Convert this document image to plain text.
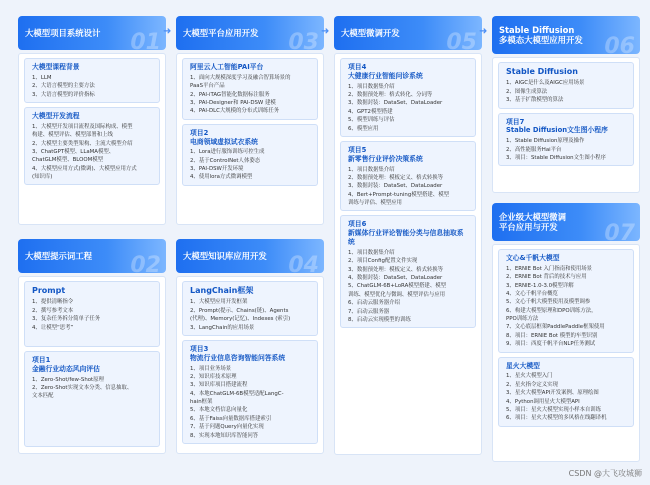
大模型项目系统设计	01
大模型课程背景
1、LLM
2、大语言模型的主要方法
3、大语言模型的评价指标
大模型开发流程
1、大模型开发项目流程及国际构成、模型
构建、模型评估、模型部署和上线
2、大模型主要类型架构、主流大模型介绍
3、ChatGPT模型、LLaMA模型、
ChatGLM模型、BLOOM模型
4、大模型应用方式(微调)、大模型应用方式
(知识库)
大模型提示词工程	02
Prompt
1、提供清晰指令
2、撰写参考文本
3、复杂任务拆分简单子任务
4、让模型“思考”
项目1
金融行业动态风向评估
1、Zero-Shot/few-Shot原理
2、Zero-Shot实现文本分类、信息抽取、
文本匹配
➜	大模型平台应用开发	03
阿里云人工智能PAI平台
1、面向大规模深度学习及融合智算场景的
PaaS平台产品
2、PAI-iTAG智能化数据标注服务
3、PAI-Designer和 PAI-DSW 建模
4、PAI-DLC大规模的分布式训练任务
项目2
电商领域虚拟试衣系统
1、Lora进行服饰训练可控生成
2、基于ControlNet人体姿态
3、PAI-DSW开发环境
4、使用lora方式微调模型
大模型知识库应用开发 04
LangChain框架
1、大模型应用开发框架
2、Prompt(提示、Chains(链)、Agents
(代理)、Memory(记忆)、Indexes (索引)
3、LangChain的应用场景
项目3
物流行业信息咨询智能问答系统
1、项目业务场景
2、知识库技术原理
3、知识库项目搭建流程
4、本地ChatGLM-6B模型适配LangC-
hain框架
5、本地文档信息向量化
6、基于Faiss向量数据库搭建索引
7、基于问题Query向量化实现
8、实现本地知识库智能问答
➜	大模型微调开发	05
项目4
大健康行业智能问诊系统
1、项目数据集介绍
2、数据预处理：格式转化、分词等
3、数据封装：DataSet、DataLoader
4、GPT2模型搭建
5、模型训练与评估
6、模型应用
项目5
新零售行业评价决策系统
1、项目数据集介绍
2、数据预处理：模板定义、格式转换等
3、数据封装：DataSet、DataLoader
4、Bert+Prompt-tuning模型搭建、模型
训练与评估、模型应用
项目6
新媒体行业评论智能分类与信息抽取系统
1、项目数据集介绍
2、项目Config配置文件实现
3、数据预处理：模板定义、格式转换等
4、数据封装：DataSet、DataLoader
5、ChatGLM-6B+LoRA模型搭建、模型
训练、模型优化与微调、模型评估与应用
6、启动云服务器介绍
7、启动云服务器
8、启动云实现模型的训练
➜	Stable Diffusion
多模态大模型应用开发 06
Stable Diffusion
1、AIGC是什么及AIGC应用场景
2、图像生成算法
3、基于扩散模型的算法
项目7
Stable Diffusion文生图小程序
1、Stable Diffusion原理及操作
2、高性能服务Hai平台
3、项目：Stable Diffusion文生图小程序
企业级大模型微调
平台应用与开发	07
文心&千帆大模型
1、ERNIE Bot 入门指南和使用场景
2、ERNIE Bot 背后的技术与应用
3、ERNIE-1.0-3.0模型详解
4、文心千帆平台概览
5、文心千帆大模型使用及模型调参
6、构建大模型原理和DPO训练方法，
PPO训练方法
7、文心底层框架PaddlePaddle框架使用
8、项目：ERNIE Bot 模型的车型识别
9、项目：西度千帆平台NLP任务测试
星火大模型
1、星火大模型入门
2、星火指令定义实现
3、星火大模型API开发案例、原理绘图
4、Python调用星火大模型API
5、项目：星火大模型实现小样本自训练
6、项目：星火大模型的多风格在线翻译机
CSDN @大飞攻城狮
